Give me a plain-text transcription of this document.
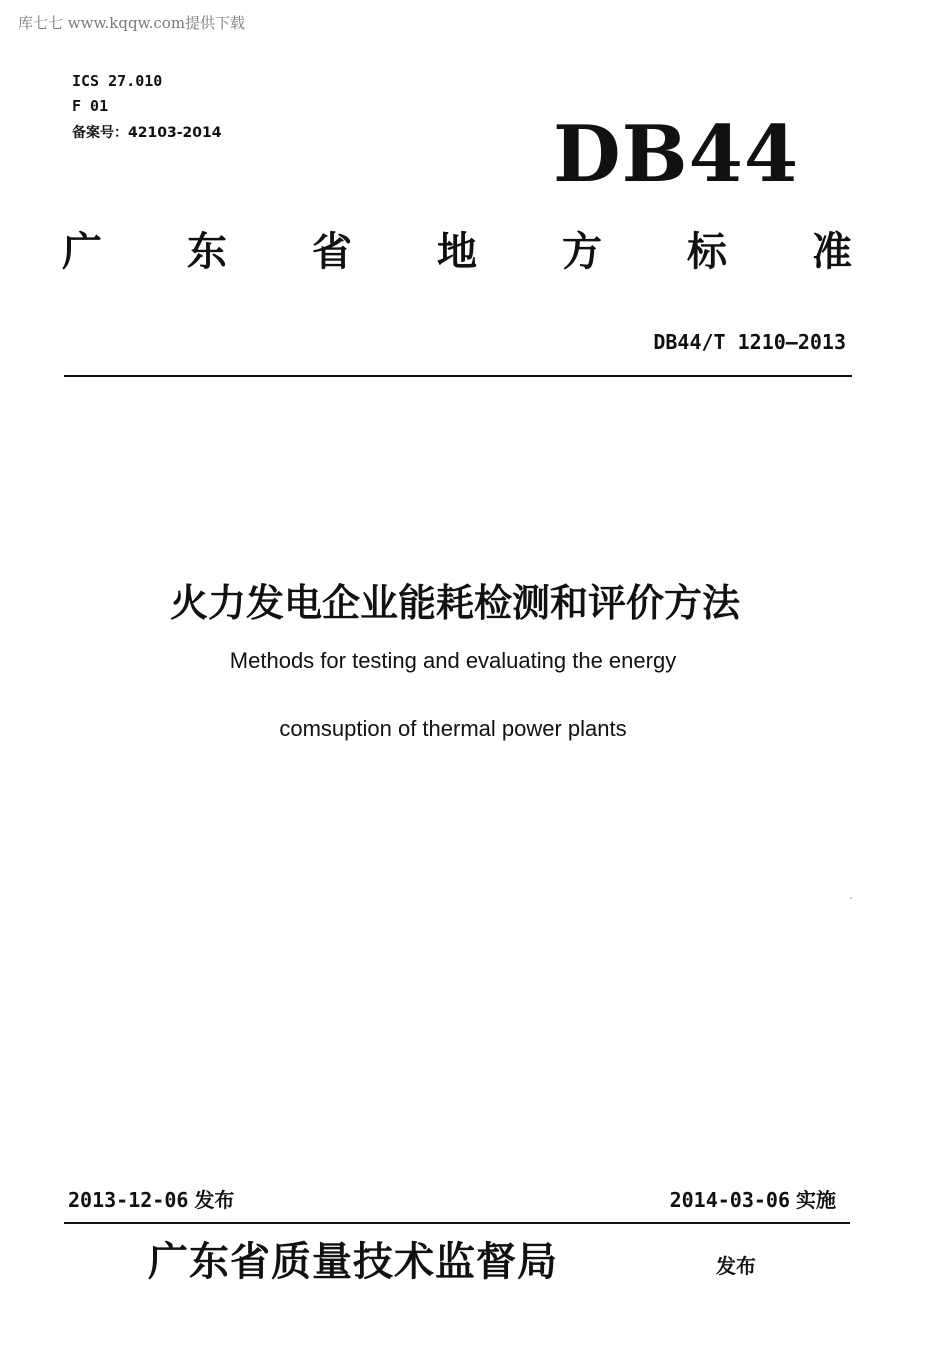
库七七 www.kqqw.com提供下载
ICS 27.010
F 01
备案号：42103-2014	DB44
广 东 省 地 方 标 准
DB44/T 1210—2013
火力发电企业能耗检测和评价方法
Methods for testing and evaluating the energy
comsuption of thermal power plants
2013-12-06 发布	2014-03-06 实施
广东省质量技术监督局	发布
